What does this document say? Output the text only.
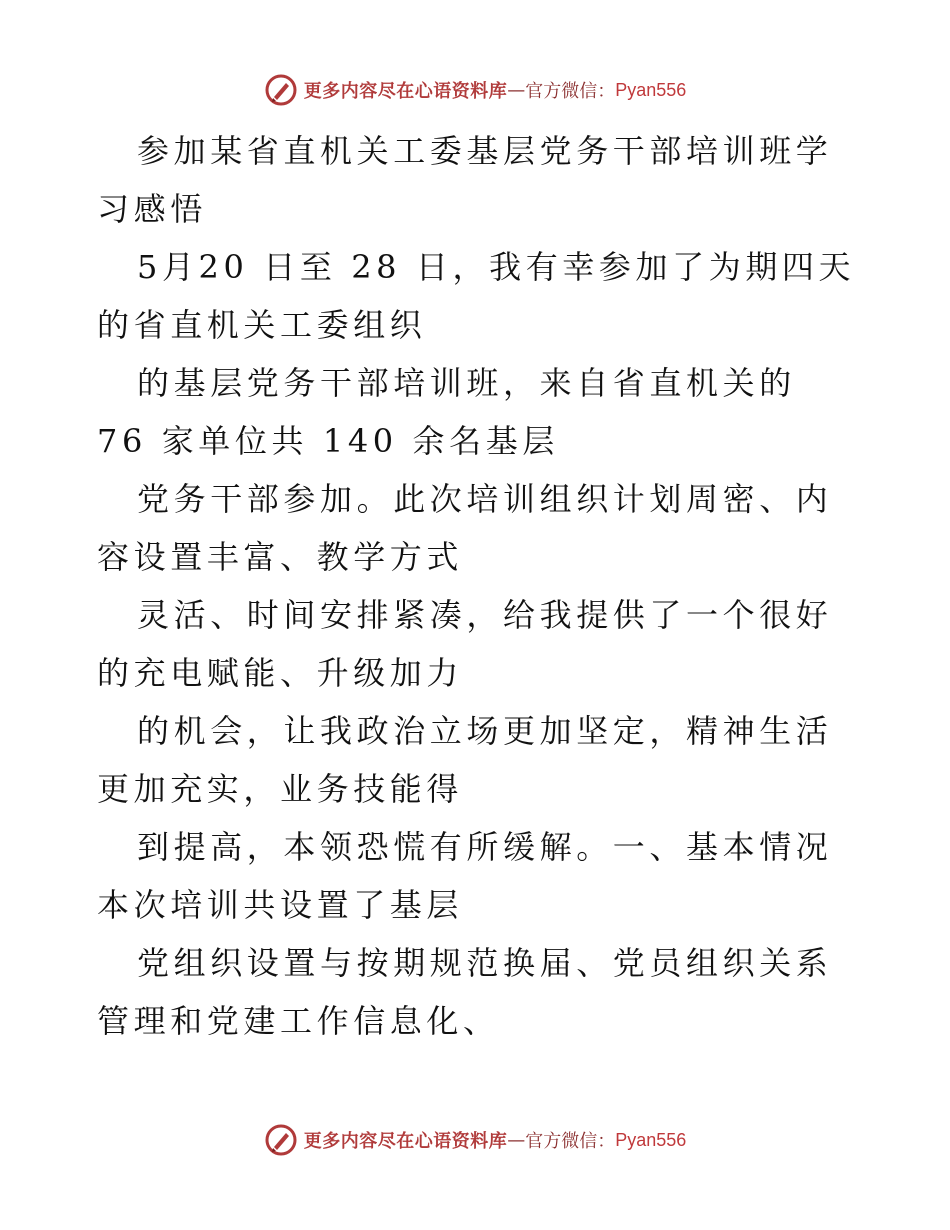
更多内容尽在心语资料库 — 官方微信： Pyan556

参加某省直机关工委基层党务干部培训班学习感悟

5月20 日至 28 日，我有幸参加了为期四天的省直机关工委组织

的基层党务干部培训班，来自省直机关的 76 家单位共 140 余名基层

党务干部参加。此次培训组织计划周密、内容设置丰富、教学方式

灵活、时间安排紧凑，给我提供了一个很好的充电赋能、升级加力

的机会，让我政治立场更加坚定，精神生活更加充实，业务技能得

到提高，本领恐慌有所缓解。一、基本情况本次培训共设置了基层

党组织设置与按期规范换届、党员组织关系管理和党建工作信息化、

更多内容尽在心语资料库 — 官方微信： Pyan556
